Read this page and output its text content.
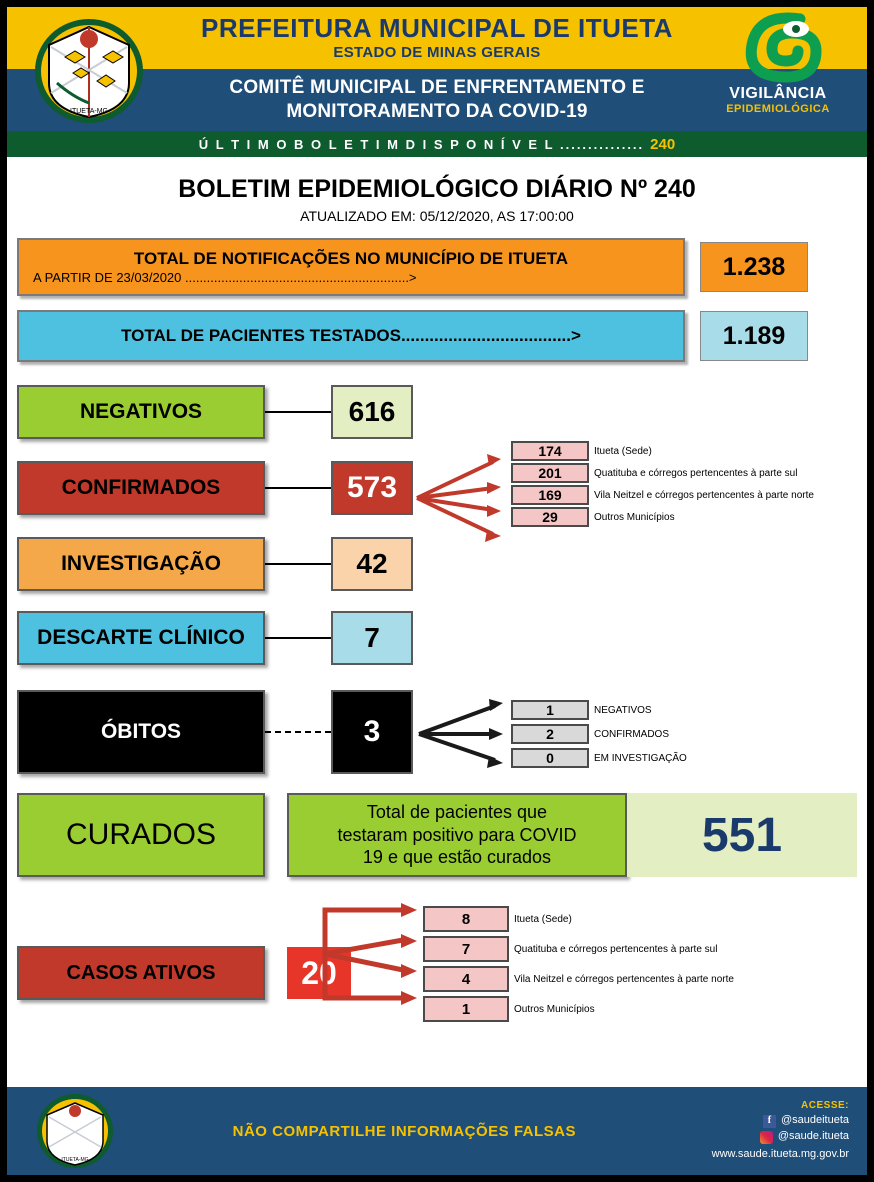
ITUETA-MG
PREFEITURA MUNICIPAL DE ITUETA
ESTADO DE MINAS GERAIS
COMITÊ MUNICIPAL DE ENFRENTAMENTO E
MONITORAMENTO DA COVID-19
VIGILÂNCIA
EPIDEMIOLÓGICA
Ú L T I M O B O L E T I M D I S P O N Í V E L ............... 240
BOLETIM EPIDEMIOLÓGICO DIÁRIO Nº 240
ATUALIZADO EM: 05/12/2020, AS 17:00:00
TOTAL DE NOTIFICAÇÕES NO MUNICÍPIO DE ITUETA
A PARTIR DE 23/03/2020 ..............................................................>	1.238
TOTAL DE PACIENTES TESTADOS....................................>	1.189
NEGATIVOS	616
CONFIRMADOS	573
174	Itueta (Sede)
201	Quatituba e córregos pertencentes à parte sul
169	Vila Neitzel e córregos pertencentes à parte norte
29	Outros Municípios
INVESTIGAÇÃO	42
DESCARTE CLÍNICO	7
ÓBITOS	3
1	NEGATIVOS
2	CONFIRMADOS
0	EM INVESTIGAÇÃO
CURADOS
Total de pacientes que
testaram positivo para COVID
19 e que estão curados	551
CASOS ATIVOS	20
8	Itueta (Sede)
7	Quatituba e córregos pertencentes à parte sul
4	Vila Neitzel e córregos pertencentes à parte norte
1	Outros Municípios
ITUETA-MG
NÃO COMPARTILHE INFORMAÇÕES FALSAS
ACESSE:
f @saudeitueta
@saude.itueta
www.saude.itueta.mg.gov.br
